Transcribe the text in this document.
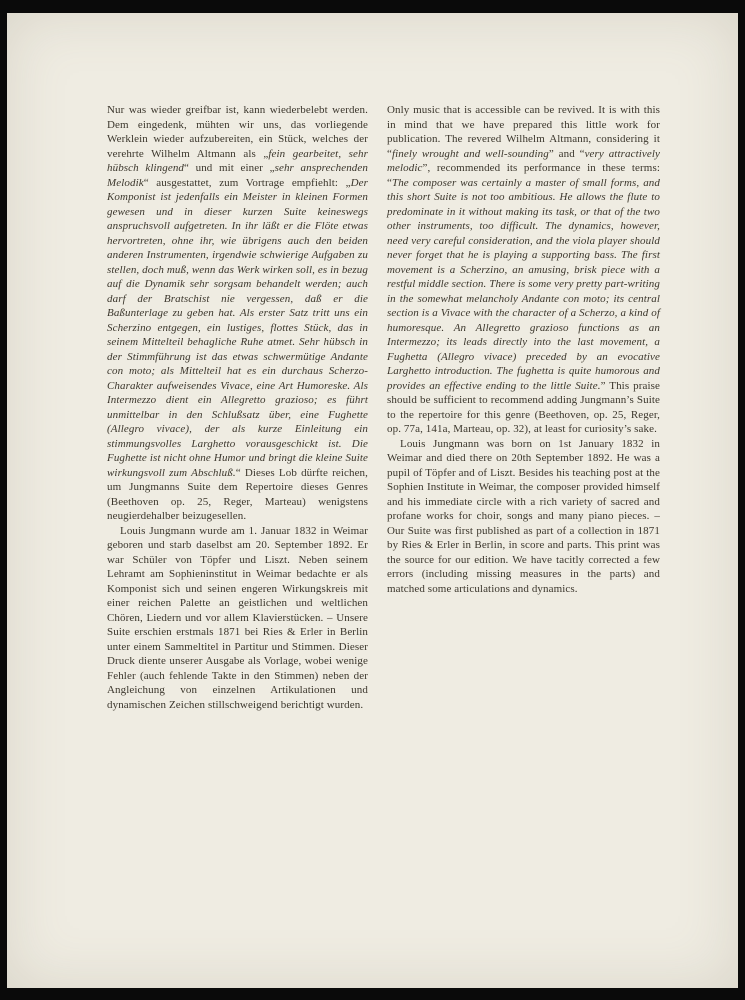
Nur was wieder greifbar ist, kann wiederbelebt werden. Dem eingedenk, mühten wir uns, das vorliegende Werklein wieder aufzubereiten, ein Stück, welches der verehrte Wilhelm Altmann als „fein gearbeitet, sehr hübsch klingend“ und mit einer „sehr ansprechenden Melodik“ ausgestattet, zum Vortrage empfiehlt: „Der Komponist ist jedenfalls ein Meister in kleinen Formen gewesen und in dieser kurzen Suite keineswegs anspruchsvoll aufgetreten. In ihr läßt er die Flöte etwas hervortreten, ohne ihr, wie übrigens auch den beiden anderen Instrumenten, irgendwie schwierige Aufgaben zu stellen, doch muß, wenn das Werk wirken soll, es in bezug auf die Dynamik sehr sorgsam behandelt werden; auch darf der Bratschist nie vergessen, daß er die Baßunterlage zu geben hat. Als erster Satz tritt uns ein Scherzino entgegen, ein lustiges, flottes Stück, das in seinem Mittelteil behagliche Ruhe atmet. Sehr hübsch in der Stimmführung ist das etwas schwermütige Andante con moto; als Mittelteil hat es ein durchaus Scherzo-Charakter aufweisendes Vivace, eine Art Humoreske. Als Intermezzo dient ein Allegretto grazioso; es führt unmittelbar in den Schlußsatz über, eine Fughette (Allegro vivace), der als kurze Einleitung ein stimmungsvolles Larghetto vorausgeschickt ist. Die Fughette ist nicht ohne Humor und bringt die kleine Suite wirkungsvoll zum Abschluß.“ Dieses Lob dürfte reichen, um Jungmanns Suite dem Repertoire dieses Genres (Beethoven op. 25, Reger, Marteau) wenigstens neugierdehalber beizugesellen.

Louis Jungmann wurde am 1. Januar 1832 in Weimar geboren und starb daselbst am 20. September 1892. Er war Schüler von Töpfer und Liszt. Neben seinem Lehramt am Sophieninstitut in Weimar bedachte er als Komponist sich und seinen engeren Wirkungskreis mit einer reichen Palette an geistlichen und weltlichen Chören, Liedern und vor allem Klavierstücken. – Unsere Suite erschien erstmals 1871 bei Ries & Erler in Berlin unter einem Sammeltitel in Partitur und Stimmen. Dieser Druck diente unserer Ausgabe als Vorlage, wobei wenige Fehler (auch fehlende Takte in den Stimmen) neben der Angleichung von einzelnen Artikulationen und dynamischen Zeichen stillschweigend berichtigt wurden.

Only music that is accessible can be revived. It is with this in mind that we have prepared this little work for publication. The revered Wilhelm Altmann, considering it “finely wrought and well-sounding” and “very attractively melodic”, recommended its performance in these terms: “The composer was certainly a master of small forms, and this short Suite is not too ambitious. He allows the flute to predominate in it without making its task, or that of the two other instruments, too difficult. The dynamics, however, need very careful consideration, and the viola player should never forget that he is playing a supporting bass. The first movement is a Scherzino, an amusing, brisk piece with a restful middle section. There is some very pretty part-writing in the somewhat melancholy Andante con moto; its central section is a Vivace with the character of a Scherzo, a kind of humoresque. An Allegretto grazioso functions as an Intermezzo; its leads directly into the last movement, a Fughetta (Allegro vivace) preceded by an evocative Larghetto introduction. The fughetta is quite humorous and provides an effective ending to the little Suite.” This praise should be sufficient to recommend adding Jungmann’s Suite to the repertoire for this genre (Beethoven, op. 25, Reger, op. 77a, 141a, Marteau, op. 32), at least for curiosity’s sake.

Louis Jungmann was born on 1st January 1832 in Weimar and died there on 20th September 1892. He was a pupil of Töpfer and of Liszt. Besides his teaching post at the Sophien Institute in Weimar, the composer provided himself and his immediate circle with a rich variety of sacred and profane works for choir, songs and many piano pieces. – Our Suite was first published as part of a collection in 1871 by Ries & Erler in Berlin, in score and parts. This print was the source for our edition. We have tacitly corrected a few errors (including missing measures in the parts) and matched some articulations and dynamics.
